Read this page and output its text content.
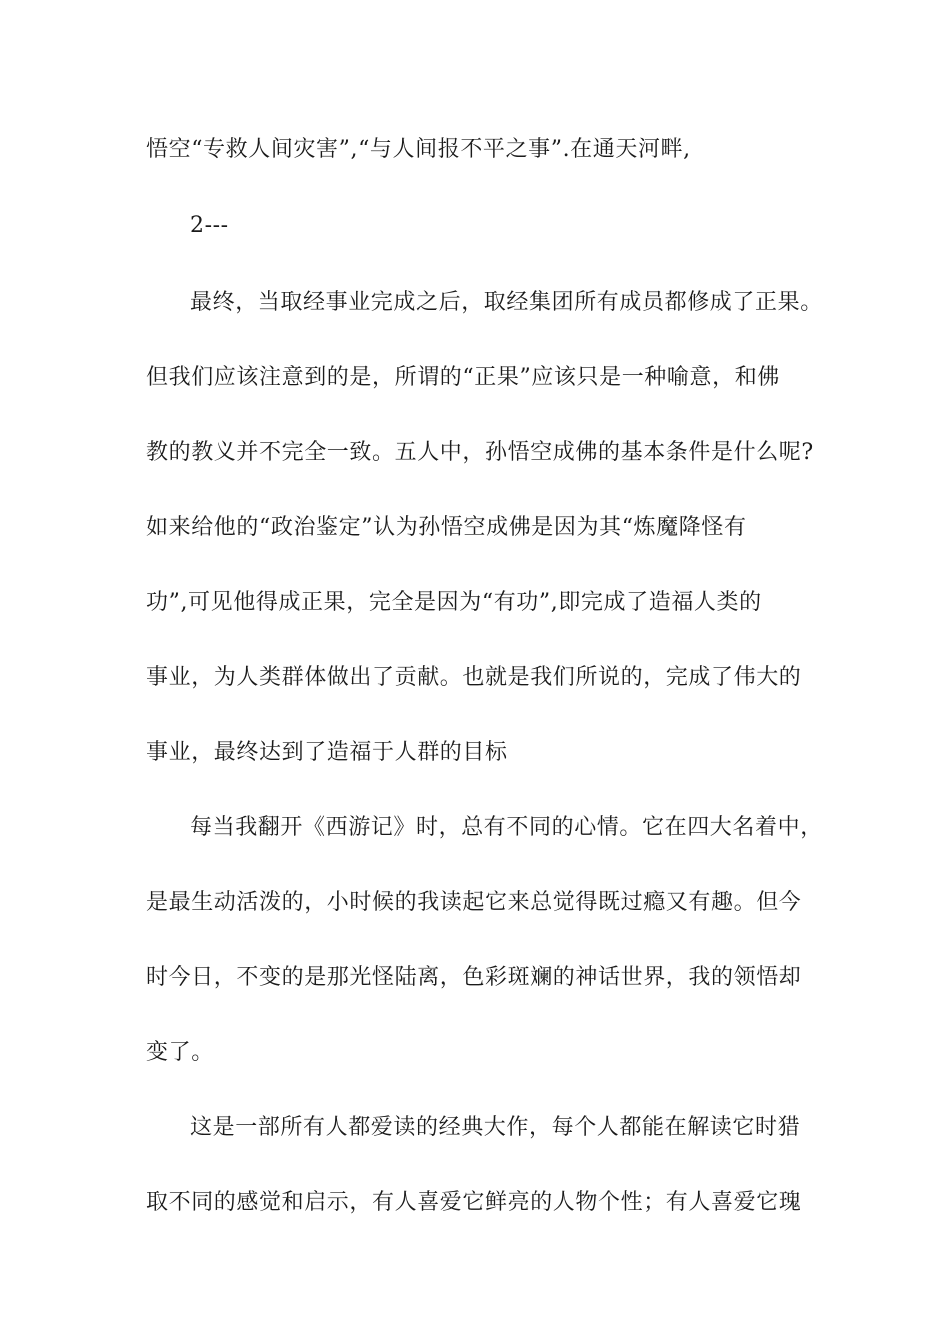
悟空“专救人间灾害”,“与人间报不平之事”.在通天河畔,
2---
最终，当取经事业完成之后，取经集团所有成员都修成了正果。
但我们应该注意到的是，所谓的“正果”应该只是一种喻意，和佛
教的教义并不完全一致。五人中，孙悟空成佛的基本条件是什么呢?
如来给他的“政治鉴定”认为孙悟空成佛是因为其“炼魔降怪有
功”,可见他得成正果，完全是因为“有功”,即完成了造福人类的
事业，为人类群体做出了贡献。也就是我们所说的，完成了伟大的
事业，最终达到了造福于人群的目标
每当我翻开《西游记》时，总有不同的心情。它在四大名着中，
是最生动活泼的，小时候的我读起它来总觉得既过瘾又有趣。但今
时今日，不变的是那光怪陆离，色彩斑斓的神话世界，我的领悟却
变了。
这是一部所有人都爱读的经典大作，每个人都能在解读它时猎
取不同的感觉和启示，有人喜爱它鲜亮的人物个性；有人喜爱它瑰
